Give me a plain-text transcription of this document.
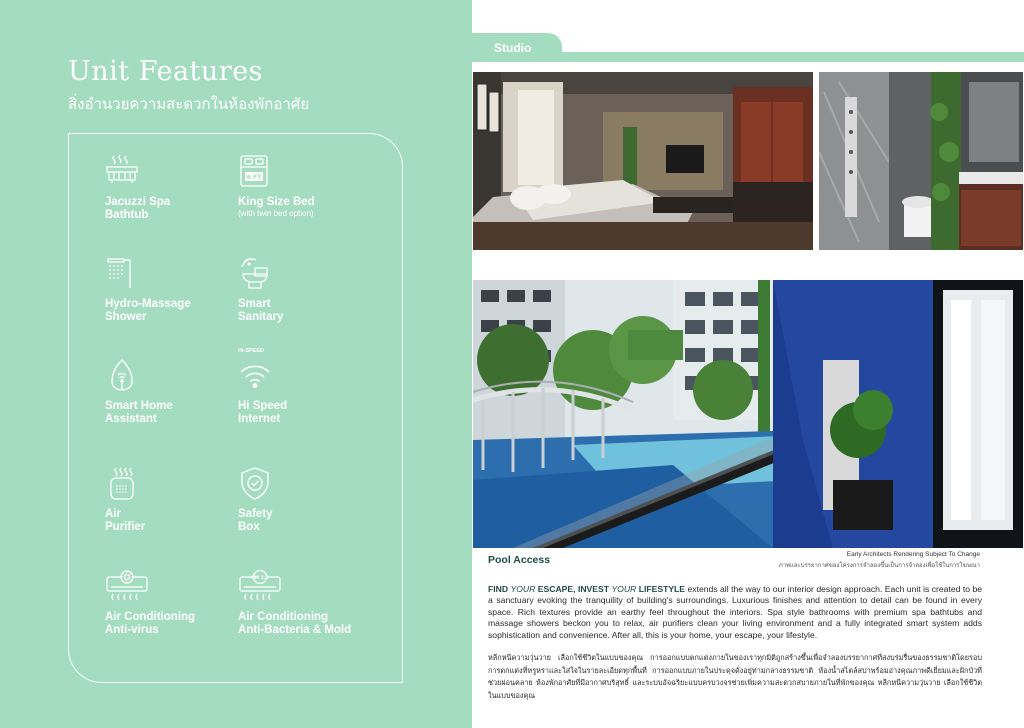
Unit Features
สิ่งอำนวยความสะดวกในห้องพักอาศัย
Jacuzzi Spa
Bathtub
6 FT
King Size Bed
(with twin bed option)
Hydro-Massage
Shower
Smart
Sanitary
Smart Home
Assistant
HI-SPEED
Hi Speed
Internet
Air
Purifier
Safety
Box
Air Conditioning
Anti-virus
PM 2.5
Air Conditioning
Anti-Bacteria & Mold
Studio
Pool Access	Early Architects Rendering Subject To Change
ภาพและบรรยากาศของโครงการจำลองขึ้นเป็นการจำลองเพื่อใช้ในการโฆษณา

FIND YOUR ESCAPE, INVEST YOUR LIFESTYLE extends all the way to our interior design approach. Each unit is created to be a sanctuary evoking the tranquility of building's surroundings. Luxurious finishes and attention to detail can be found in every space. Rich textures provide an earthy feel throughout the interiors. Spa style bathrooms with premium spa bathtubs and massage showers beckon you to relax, air purifiers clean your living environment and a fully integrated smart system adds sophistication and convenience. After all, this is your home, your escape, your lifestyle.

หลีกหนีความวุ่นวาย เลือกใช้ชีวิตในแบบของคุณ การออกแบบตกแต่งภายในของเราทุกมิติถูกสร้างขึ้นเพื่อจำลองบรรยากาศที่สงบร่มรื่นของธรรมชาติโดยรอบ การตกแต่งที่หรูหราและใส่ใจในรายละเอียดทุกพื้นที่ การออกแบบภายในประดุจดั่งอยู่ท่ามกลางธรรมชาติ ห้องน้ำสไตล์สปาพร้อมอ่างคุณภาพดีเยี่ยมและฝักบัวที่ช่วยผ่อนคลาย ห้องพักอาศัยที่มีอากาศบริสุทธิ์ และระบบอัจฉริยะแบบครบวงจรช่วยเพิ่มความสะดวกสบายภายในที่พักของคุณ หลีกหนีความวุ่นวาย เลือกใช้ชีวิตในแบบของคุณ
